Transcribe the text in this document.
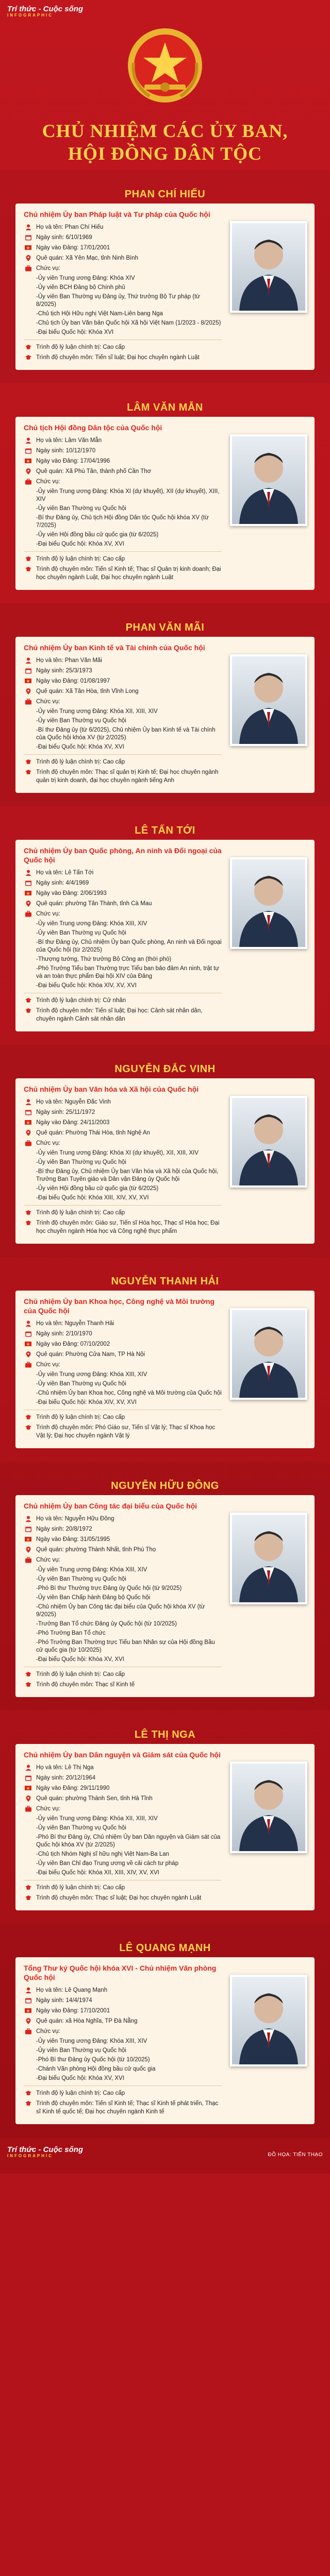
Trí thức - Cuộc sống
INFOGRAPHIC
CHỦ NHIỆM CÁC ỦY BAN,
HỘI ĐỒNG DÂN TỘC
PHAN CHÍ HIẾU
Chủ nhiệm Ủy ban Pháp luật và Tư pháp của Quốc hội
Họ và tên: Phan Chí Hiếu
Ngày sinh: 6/10/1969
Ngày vào Đảng: 17/01/2001
Quê quán: Xã Yên Mạc, tỉnh Ninh Bình
Chức vụ:
-Ủy viên Trung ương Đảng: Khóa XIV
-Ủy viên BCH Đảng bộ Chính phủ
-Ủy viên Ban Thường vụ Đảng ủy, Thứ trưởng Bộ Tư pháp (từ 8/2025)
-Chủ tịch Hội Hữu nghị Việt Nam-Liên bang Nga
-Chủ tịch Ủy ban Văn bản Quốc hội Xã hội Việt Nam (1/2023 - 8/2025)
-Đại biểu Quốc hội: Khóa XVI
Trình độ lý luận chính trị: Cao cấp
Trình độ chuyên môn: Tiến sĩ luật; Đại học chuyên ngành Luật
LÂM VĂN MẪN
Chủ tịch Hội đồng Dân tộc của Quốc hội
Họ và tên: Lâm Văn Mẫn
Ngày sinh: 10/12/1970
Ngày vào Đảng: 17/04/1996
Quê quán: Xã Phú Tân, thành phố Cần Thơ
Chức vụ:
-Ủy viên Trung ương Đảng: Khóa XI (dự khuyết), XII (dự khuyết), XIII, XIV
-Ủy viên Ban Thường vụ Quốc hội
-Bí thư Đảng ủy, Chủ tịch Hội đồng Dân tộc Quốc hội khóa XV (từ 7/2025)
-Ủy viên Hội đồng bầu cử quốc gia (từ 6/2025)
-Đại biểu Quốc hội: Khóa XV, XVI
Trình độ lý luận chính trị: Cao cấp
Trình độ chuyên môn: Tiến sĩ Kinh tế; Thạc sĩ Quản trị kinh doanh; Đại học chuyên ngành Luật, Đại học chuyên ngành Luật
PHAN VĂN MÃI
Chủ nhiệm Ủy ban Kinh tế và Tài chính của Quốc hội
Họ và tên: Phan Văn Mãi
Ngày sinh: 25/3/1973
Ngày vào Đảng: 01/08/1997
Quê quán: Xã Tân Hòa, tỉnh Vĩnh Long
Chức vụ:
-Ủy viên Trung ương Đảng: Khóa XII, XIII, XIV
-Ủy viên Ban Thường vụ Quốc hội
-Bí thư Đảng ủy (từ 6/2025), Chủ nhiệm Ủy ban Kinh tế và Tài chính của Quốc hội khóa XV (từ 2/2025)
-Đại biểu Quốc hội: Khóa XV, XVI
Trình độ lý luận chính trị: Cao cấp
Trình độ chuyên môn: Thạc sĩ quản trị Kinh tế; Đại học chuyên ngành quản trị kinh doanh, đại học chuyên ngành tiếng Anh
LÊ TẤN TỚI
Chủ nhiệm Ủy ban Quốc phòng, An ninh và Đối ngoại của Quốc hội
Họ và tên: Lê Tấn Tới
Ngày sinh: 4/4/1969
Ngày vào Đảng: 2/06/1993
Quê quán: phường Tân Thành, tỉnh Cà Mau
Chức vụ:
-Ủy viên Trung ương Đảng: Khóa XIII, XIV
-Ủy viên Ban Thường vụ Quốc hội
-Bí thư Đảng ủy, Chủ nhiệm Ủy ban Quốc phòng, An ninh và Đối ngoại của Quốc hội (từ 2/2025)
-Thượng tướng, Thứ trưởng Bộ Công an (thời phó)
-Phó Trưởng Tiểu ban Thường trực Tiểu ban bảo đảm An ninh, trật tự và an toàn thực phẩm Đại hội XIV của Đảng
-Đại biểu Quốc hội: Khóa XIV, XV, XVI
Trình độ lý luận chính trị: Cử nhân
Trình độ chuyên môn: Tiến sĩ luật; Đại học: Cảnh sát nhân dân, chuyên ngành Cảnh sát nhân dân
NGUYỄN ĐẮC VINH
Chủ nhiệm Ủy ban Văn hóa và Xã hội của Quốc hội
Họ và tên: Nguyễn Đắc Vinh
Ngày sinh: 25/11/1972
Ngày vào Đảng: 24/11/2003
Quê quán: Phường Thái Hòa, tỉnh Nghệ An
Chức vụ:
-Ủy viên Trung ương Đảng: Khóa XI (dự khuyết), XII, XIII, XIV
-Ủy viên Ban Thường vụ Quốc hội
-Bí thư Đảng ủy, Chủ nhiệm Ủy ban Văn hóa và Xã hội của Quốc hội, Trưởng Ban Tuyên giáo và Dân vận Đảng ủy Quốc hội
-Ủy viên Hội đồng bầu cử quốc gia (từ 6/2025)
-Đại biểu Quốc hội: Khóa XIII, XIV, XV, XVI
Trình độ lý luận chính trị: Cao cấp
Trình độ chuyên môn: Giáo sư, Tiến sĩ Hóa học, Thạc sĩ Hóa học; Đại học chuyên ngành Hóa học và Công nghệ thực phẩm
NGUYỄN THANH HẢI
Chủ nhiệm Ủy ban Khoa học, Công nghệ và Môi trường của Quốc hội
Họ và tên: Nguyễn Thanh Hải
Ngày sinh: 2/10/1970
Ngày vào Đảng: 07/10/2002
Quê quán: Phường Cửa Nam, TP Hà Nội
Chức vụ:
-Ủy viên Trung ương Đảng: Khóa XIII, XIV
-Ủy viên Ban Thường vụ Quốc hội
-Chủ nhiệm Ủy ban Khoa học, Công nghệ và Môi trường của Quốc hội
-Đại biểu Quốc hội: Khóa XIV, XV, XVI
Trình độ lý luận chính trị: Cao cấp
Trình độ chuyên môn: Phó Giáo sư, Tiến sĩ Vật lý; Thạc sĩ Khoa học Vật lý; Đại học chuyên ngành Vật lý
NGUYỄN HỮU ĐÔNG
Chủ nhiệm Ủy ban Công tác đại biểu của Quốc hội
Họ và tên: Nguyễn Hữu Đông
Ngày sinh: 20/8/1972
Ngày vào Đảng: 31/05/1995
Quê quán: phường Thành Nhất, tỉnh Phú Thọ
Chức vụ:
-Ủy viên Trung ương Đảng: Khóa XIII, XIV
-Ủy viên Ban Thường vụ Quốc hội
-Phó Bí thư Thường trực Đảng ủy Quốc hội (từ 9/2025)
-Ủy viên Ban Chấp hành Đảng bộ Quốc hội
-Chủ nhiệm Ủy ban Công tác đại biểu của Quốc hội khóa XV (từ 9/2025)
-Trưởng Ban Tổ chức Đảng ủy Quốc hội (từ 10/2025)
-Phó Trưởng Ban Tổ chức
-Phó Trưởng Ban Thường trực Tiểu ban Nhân sự của Hội đồng Bầu cử quốc gia (từ 10/2025)
-Đại biểu Quốc hội: Khóa XV, XVI
Trình độ lý luận chính trị: Cao cấp
Trình độ chuyên môn: Thạc sĩ Kinh tế
LÊ THỊ NGA
Chủ nhiệm Ủy ban Dân nguyện và Giám sát của Quốc hội
Họ và tên: Lê Thị Nga
Ngày sinh: 20/12/1964
Ngày vào Đảng: 29/11/1990
Quê quán: phường Thành Sen, tỉnh Hà Tĩnh
Chức vụ:
-Ủy viên Trung ương Đảng: Khóa XII, XIII, XIV
-Ủy viên Ban Thường vụ Quốc hội
-Phó Bí thư Đảng ủy, Chủ nhiệm Ủy ban Dân nguyện và Giám sát của Quốc hội khóa XV (từ 2/2025)
-Chủ tịch Nhóm Nghị sĩ hữu nghị Việt Nam-Ba Lan
-Ủy viên Ban Chỉ đạo Trung ương về cải cách tư pháp
-Đại biểu Quốc hội: Khóa XII, XIII, XIV, XV, XVI
Trình độ lý luận chính trị: Cao cấp
Trình độ chuyên môn: Thạc sĩ luật; Đại học chuyên ngành Luật
LÊ QUANG MẠNH
Tổng Thư ký Quốc hội khóa XVI - Chủ nhiệm Văn phòng Quốc hội
Họ và tên: Lê Quang Mạnh
Ngày sinh: 14/4/1974
Ngày vào Đảng: 17/10/2001
Quê quán: xã Hòa Nghĩa, TP Đà Nẵng
Chức vụ:
-Ủy viên Trung ương Đảng: Khóa XIII, XIV
-Ủy viên Ban Thường vụ Quốc hội
-Phó Bí thư Đảng ủy Quốc hội (từ 10/2025)
-Chánh Văn phòng Hội đồng bầu cử quốc gia
-Đại biểu Quốc hội: Khóa XV, XVI
Trình độ lý luận chính trị: Cao cấp
Trình độ chuyên môn: Tiến sĩ Kinh tế; Thạc sĩ Kinh tế phát triển, Thạc sĩ Kinh tế quốc tế; Đại học chuyên ngành Kinh tế
Trí thức - Cuộc sống
INFOGRAPHIC	ĐỒ HỌA: TIẾN THẠO
